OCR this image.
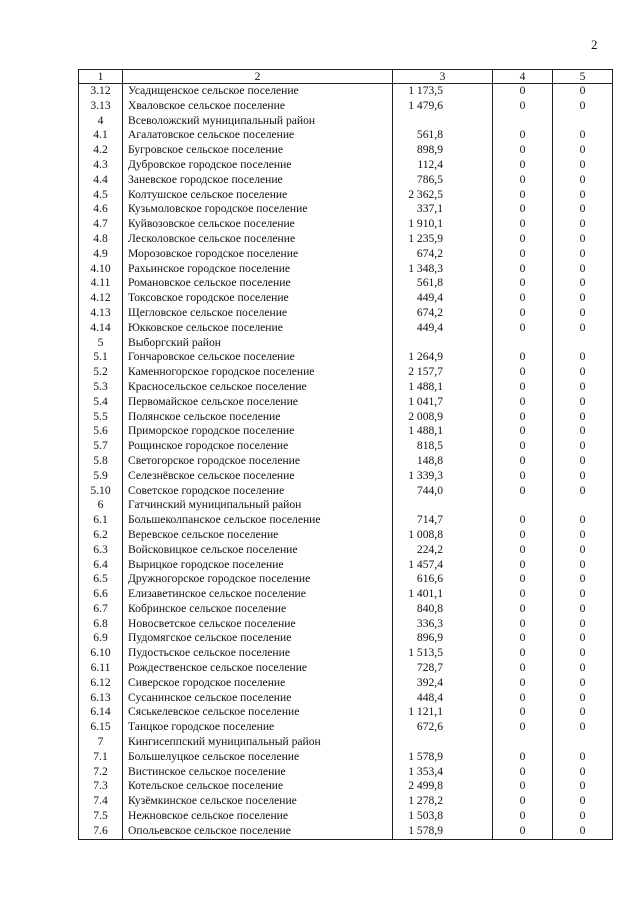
2
1	2	3	4	5
3.12	Усадищенское сельское поселение	1 173,5	0	0
3.13	Хваловское сельское поселение	1 479,6	0	0
4	Всеволожский муниципальный район			
4.1	Агалатовское сельское поселение	561,8	0	0
4.2	Бугровское сельское поселение	898,9	0	0
4.3	Дубровское городское поселение	112,4	0	0
4.4	Заневское городское поселение	786,5	0	0
4.5	Колтушское сельское поселение	2 362,5	0	0
4.6	Кузьмоловское городское поселение	337,1	0	0
4.7	Куйвозовское сельское поселение	1 910,1	0	0
4.8	Лесколовское сельское поселение	1 235,9	0	0
4.9	Морозовское городское поселение	674,2	0	0
4.10	Рахьинское городское поселение	1 348,3	0	0
4.11	Романовское сельское поселение	561,8	0	0
4.12	Токсовское городское поселение	449,4	0	0
4.13	Щегловское сельское поселение	674,2	0	0
4.14	Юкковское сельское поселение	449,4	0	0
5	Выборгский район			
5.1	Гончаровское сельское поселение	1 264,9	0	0
5.2	Каменногорское городское поселение	2 157,7	0	0
5.3	Красносельское сельское поселение	1 488,1	0	0
5.4	Первомайское сельское поселение	1 041,7	0	0
5.5	Полянское сельское поселение	2 008,9	0	0
5.6	Приморское городское поселение	1 488,1	0	0
5.7	Рощинское городское поселение	818,5	0	0
5.8	Светогорское городское поселение	148,8	0	0
5.9	Селезнёвское сельское поселение	1 339,3	0	0
5.10	Советское городское поселение	744,0	0	0
6	Гатчинский муниципальный район			
6.1	Большеколпанское сельское поселение	714,7	0	0
6.2	Веревское сельское поселение	1 008,8	0	0
6.3	Войсковицкое сельское поселение	224,2	0	0
6.4	Вырицкое городское поселение	1 457,4	0	0
6.5	Дружногорское городское поселение	616,6	0	0
6.6	Елизаветинское сельское поселение	1 401,1	0	0
6.7	Кобринское сельское поселение	840,8	0	0
6.8	Новосветское сельское поселение	336,3	0	0
6.9	Пудомягское сельское поселение	896,9	0	0
6.10	Пудостьское сельское поселение	1 513,5	0	0
6.11	Рождественское сельское поселение	728,7	0	0
6.12	Сиверское городское поселение	392,4	0	0
6.13	Сусанинское сельское поселение	448,4	0	0
6.14	Сяськелевское сельское поселение	1 121,1	0	0
6.15	Таицкое городское поселение	672,6	0	0
7	Кингисеппский муниципальный район			
7.1	Большелуцкое сельское поселение	1 578,9	0	0
7.2	Вистинское сельское поселение	1 353,4	0	0
7.3	Котельское сельское поселение	2 499,8	0	0
7.4	Кузёмкинское сельское поселение	1 278,2	0	0
7.5	Нежновское сельское поселение	1 503,8	0	0
7.6	Опольевское сельское поселение	1 578,9	0	0
